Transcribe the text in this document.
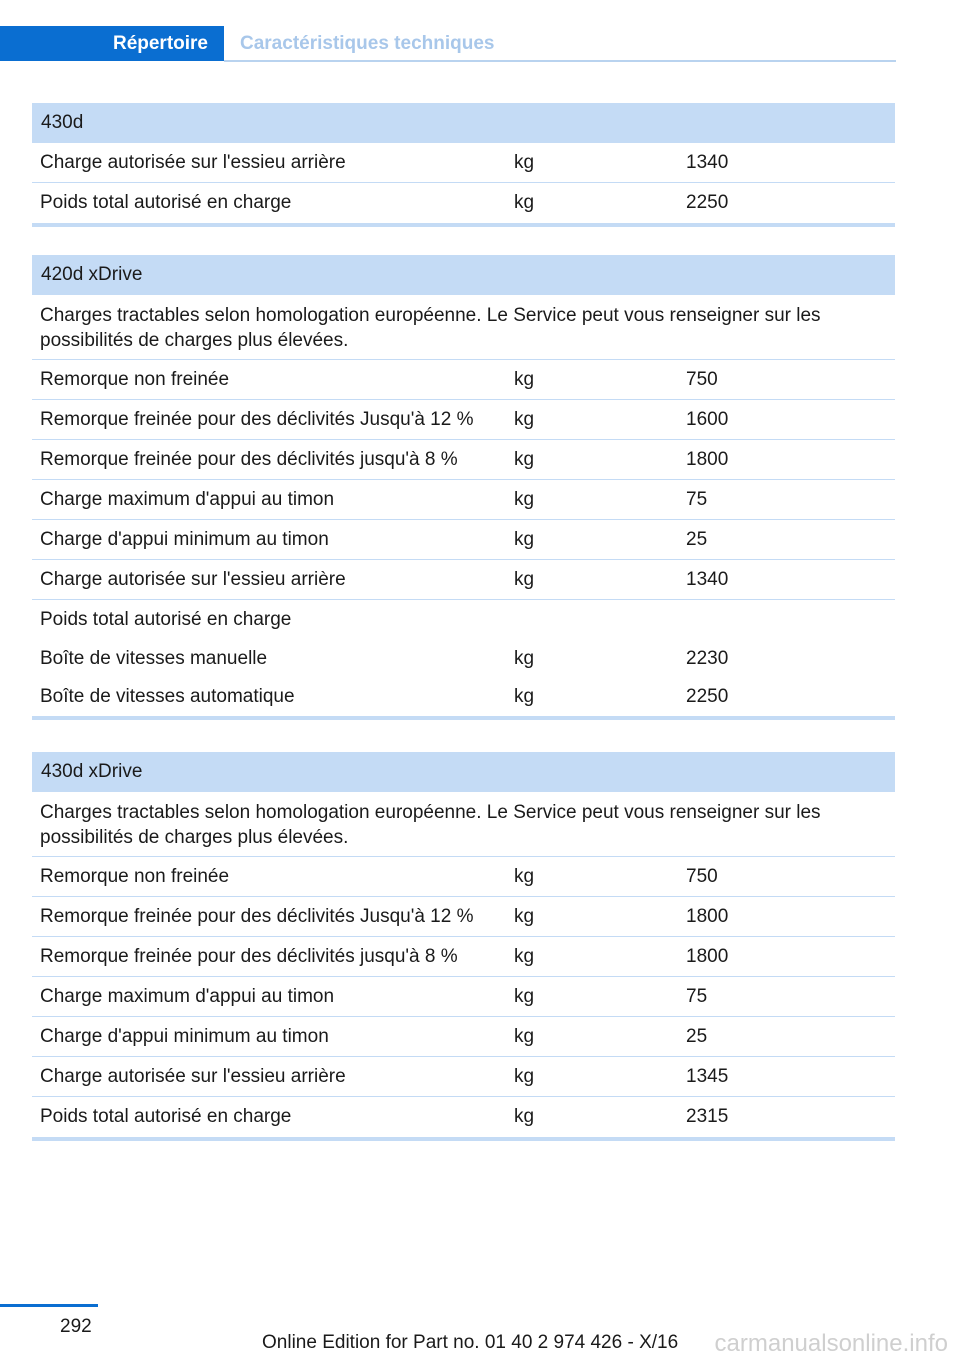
Répertoire	Caractéristiques techniques
430d
Charge autorisée sur l'essieu arrière	kg	1340
Poids total autorisé en charge	kg	2250
420d xDrive
Charges tractables selon homologation européenne. Le Service peut vous renseigner sur les possibilités de charges plus élevées.
Remorque non freinée	kg	750
Remorque freinée pour des déclivités Jusqu'à 12 %	kg	1600
Remorque freinée pour des déclivités jusqu'à 8 %	kg	1800
Charge maximum d'appui au timon	kg	75
Charge d'appui minimum au timon	kg	25
Charge autorisée sur l'essieu arrière	kg	1340
Poids total autorisé en charge
Boîte de vitesses manuelle	kg	2230
Boîte de vitesses automatique	kg	2250
430d xDrive
Charges tractables selon homologation européenne. Le Service peut vous renseigner sur les possibilités de charges plus élevées.
Remorque non freinée	kg	750
Remorque freinée pour des déclivités Jusqu'à 12 %	kg	1800
Remorque freinée pour des déclivités jusqu'à 8 %	kg	1800
Charge maximum d'appui au timon	kg	75
Charge d'appui minimum au timon	kg	25
Charge autorisée sur l'essieu arrière	kg	1345
Poids total autorisé en charge	kg	2315
292
Online Edition for Part no. 01 40 2 974 426 - X/16 carmanualsonline.info
